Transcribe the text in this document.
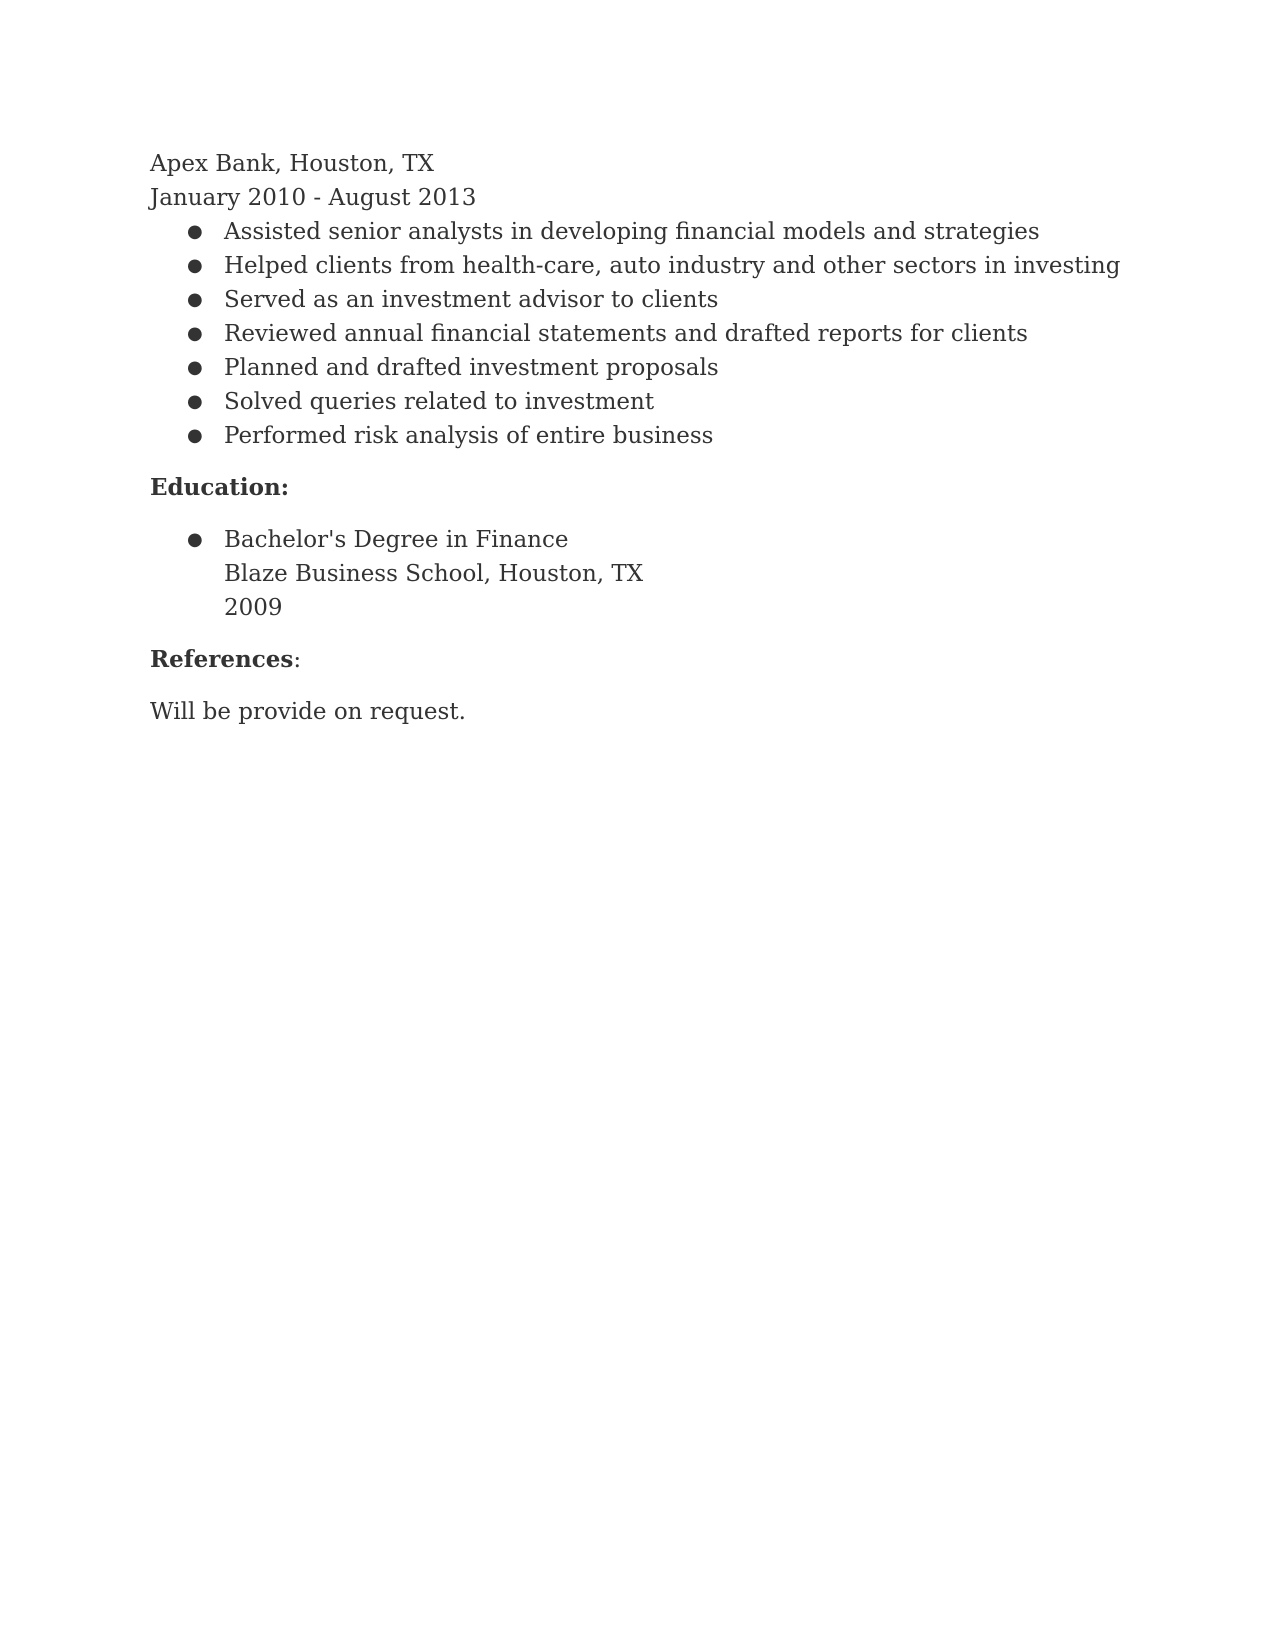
Apex Bank, Houston, TX

January 2010 - August 2013

● Assisted senior analysts in developing financial models and strategies
● Helped clients from health-care, auto industry and other sectors in investing
● Served as an investment advisor to clients
● Reviewed annual financial statements and drafted reports for clients
● Planned and drafted investment proposals
● Solved queries related to investment
● Performed risk analysis of entire business

Education:

● Bachelor's Degree in Finance
Blaze Business School, Houston, TX
2009

References:

Will be provide on request.
